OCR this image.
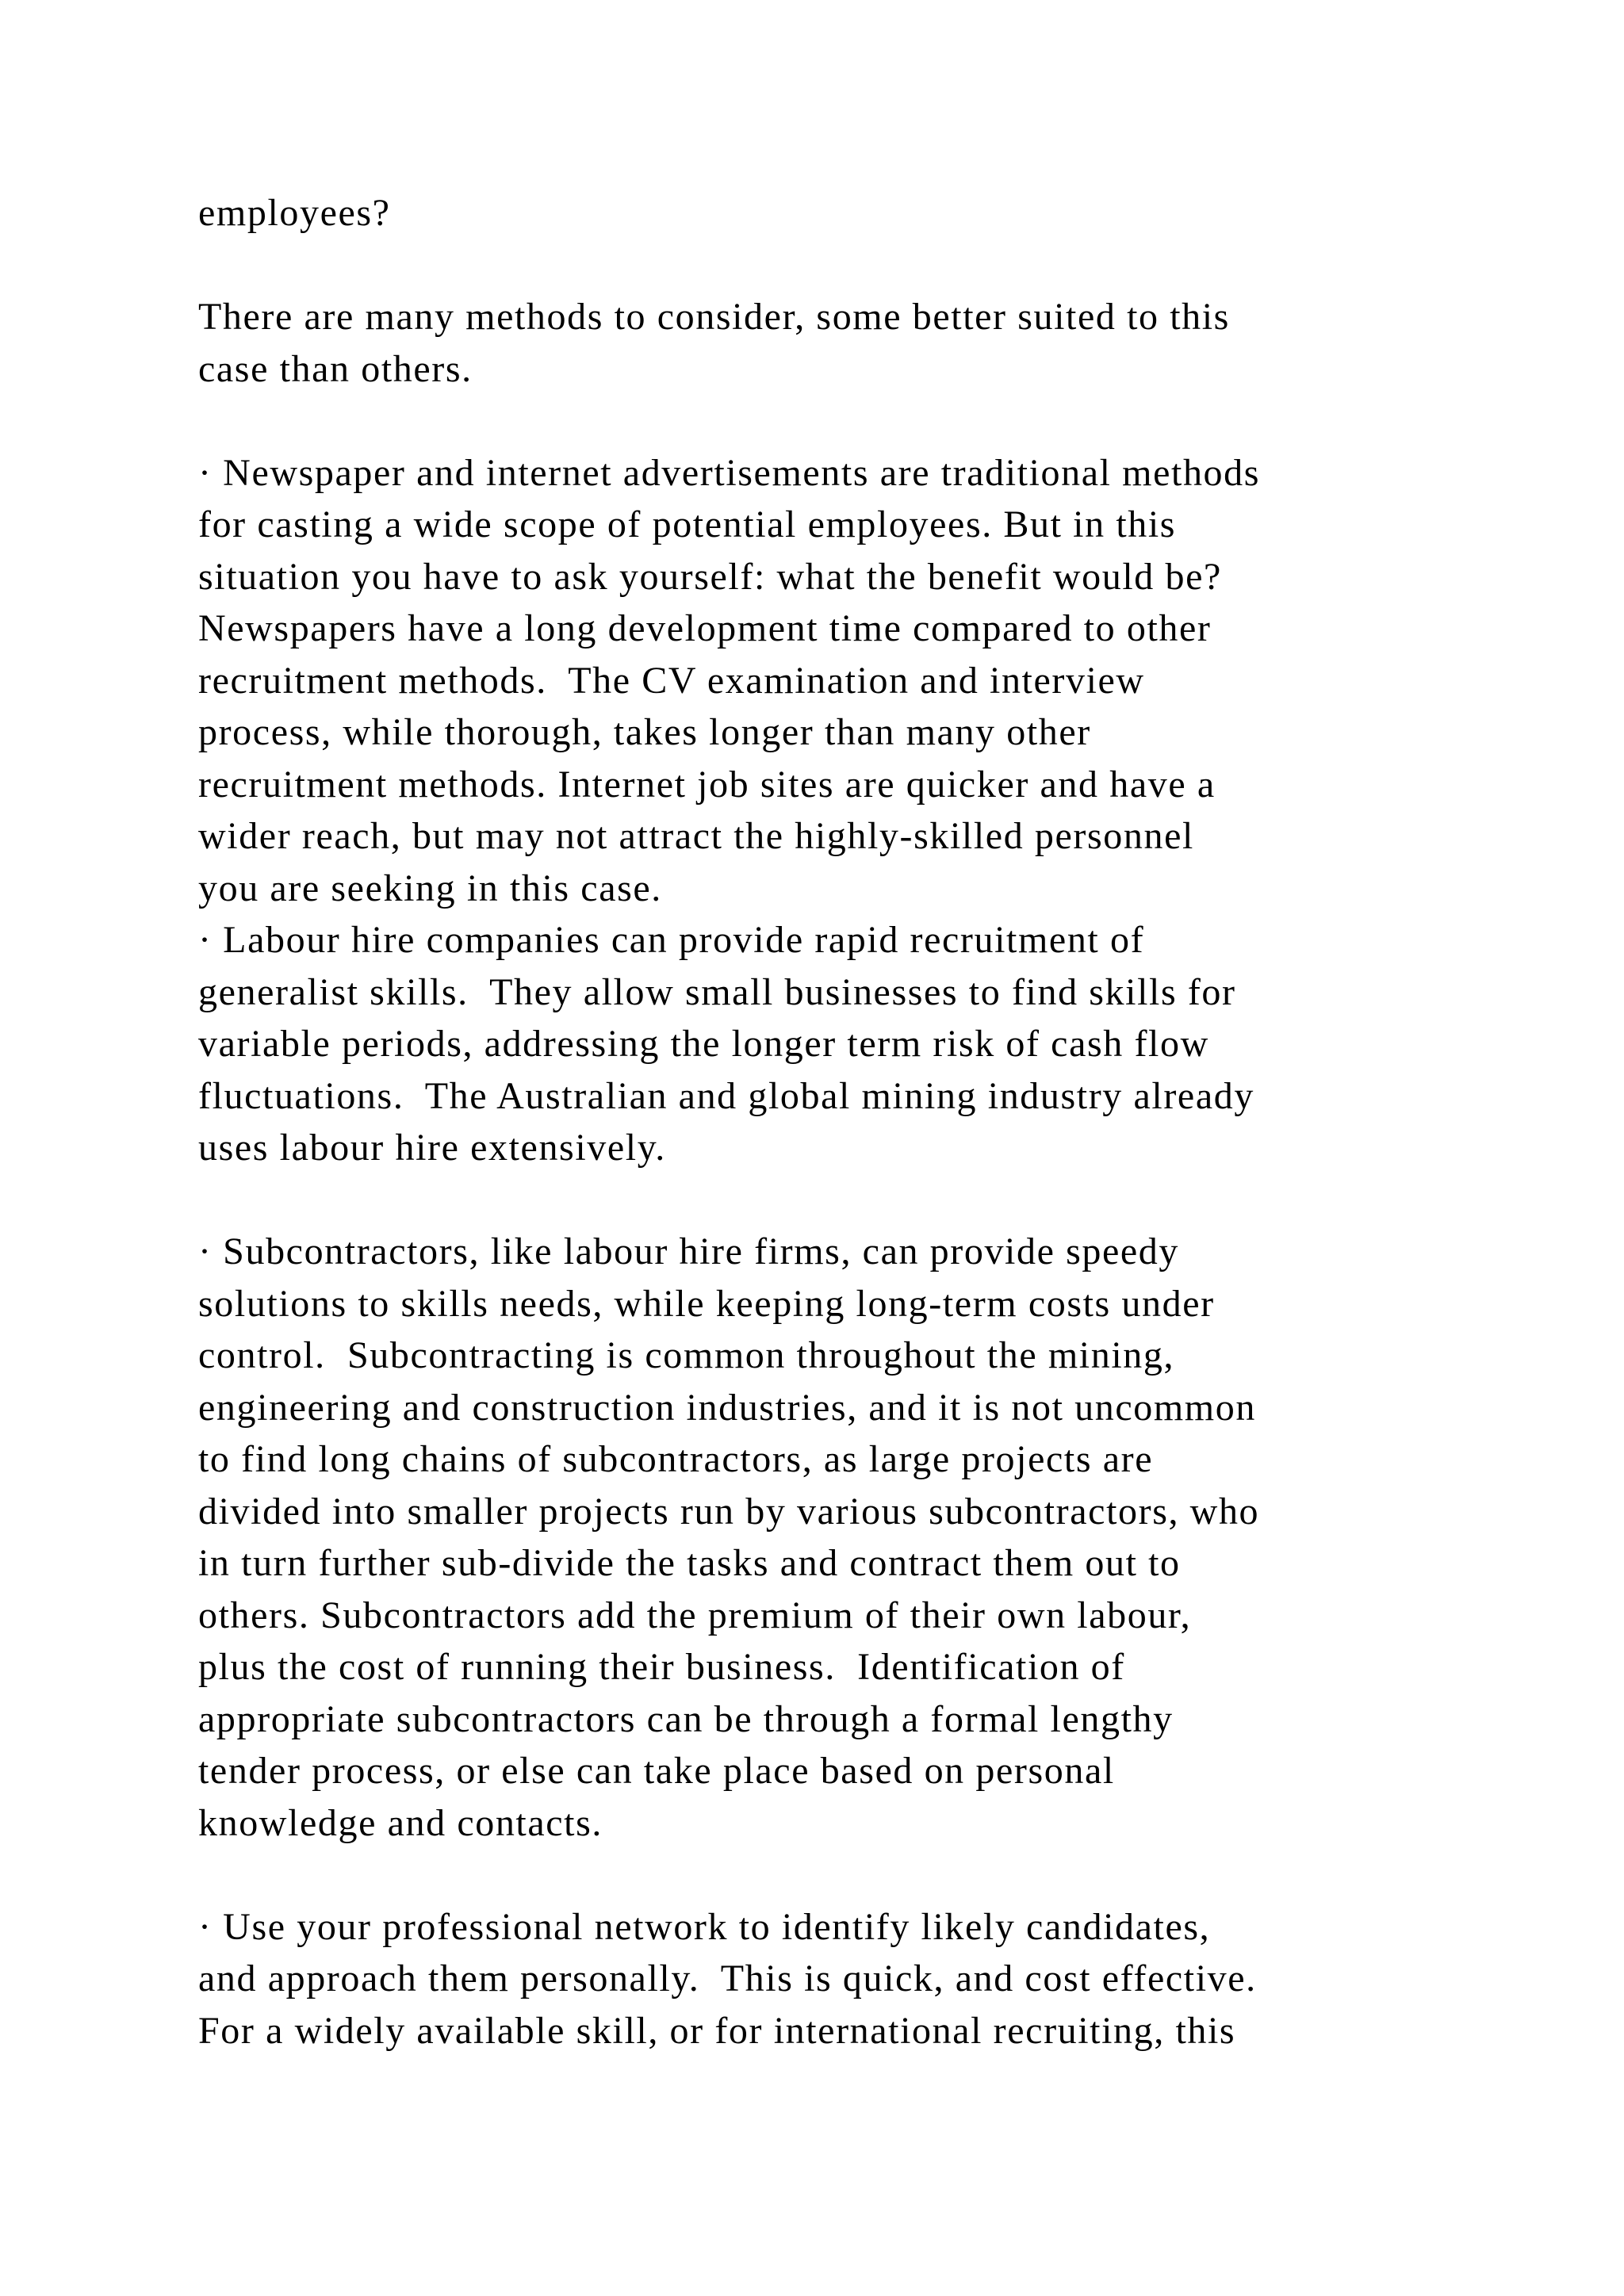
employees?
There are many methods to consider, some better suited to this
case than others.
· Newspaper and internet advertisements are traditional methods
for casting a wide scope of potential employees. But in this
situation you have to ask yourself: what the benefit would be?
Newspapers have a long development time compared to other
recruitment methods.  The CV examination and interview
process, while thorough, takes longer than many other
recruitment methods. Internet job sites are quicker and have a
wider reach, but may not attract the highly-skilled personnel
you are seeking in this case.
· Labour hire companies can provide rapid recruitment of
generalist skills.  They allow small businesses to find skills for
variable periods, addressing the longer term risk of cash flow
fluctuations.  The Australian and global mining industry already
uses labour hire extensively.
· Subcontractors, like labour hire firms, can provide speedy
solutions to skills needs, while keeping long-term costs under
control.  Subcontracting is common throughout the mining,
engineering and construction industries, and it is not uncommon
to find long chains of subcontractors, as large projects are
divided into smaller projects run by various subcontractors, who
in turn further sub-divide the tasks and contract them out to
others. Subcontractors add the premium of their own labour,
plus the cost of running their business.  Identification of
appropriate subcontractors can be through a formal lengthy
tender process, or else can take place based on personal
knowledge and contacts.
· Use your professional network to identify likely candidates,
and approach them personally.  This is quick, and cost effective.
For a widely available skill, or for international recruiting, this
